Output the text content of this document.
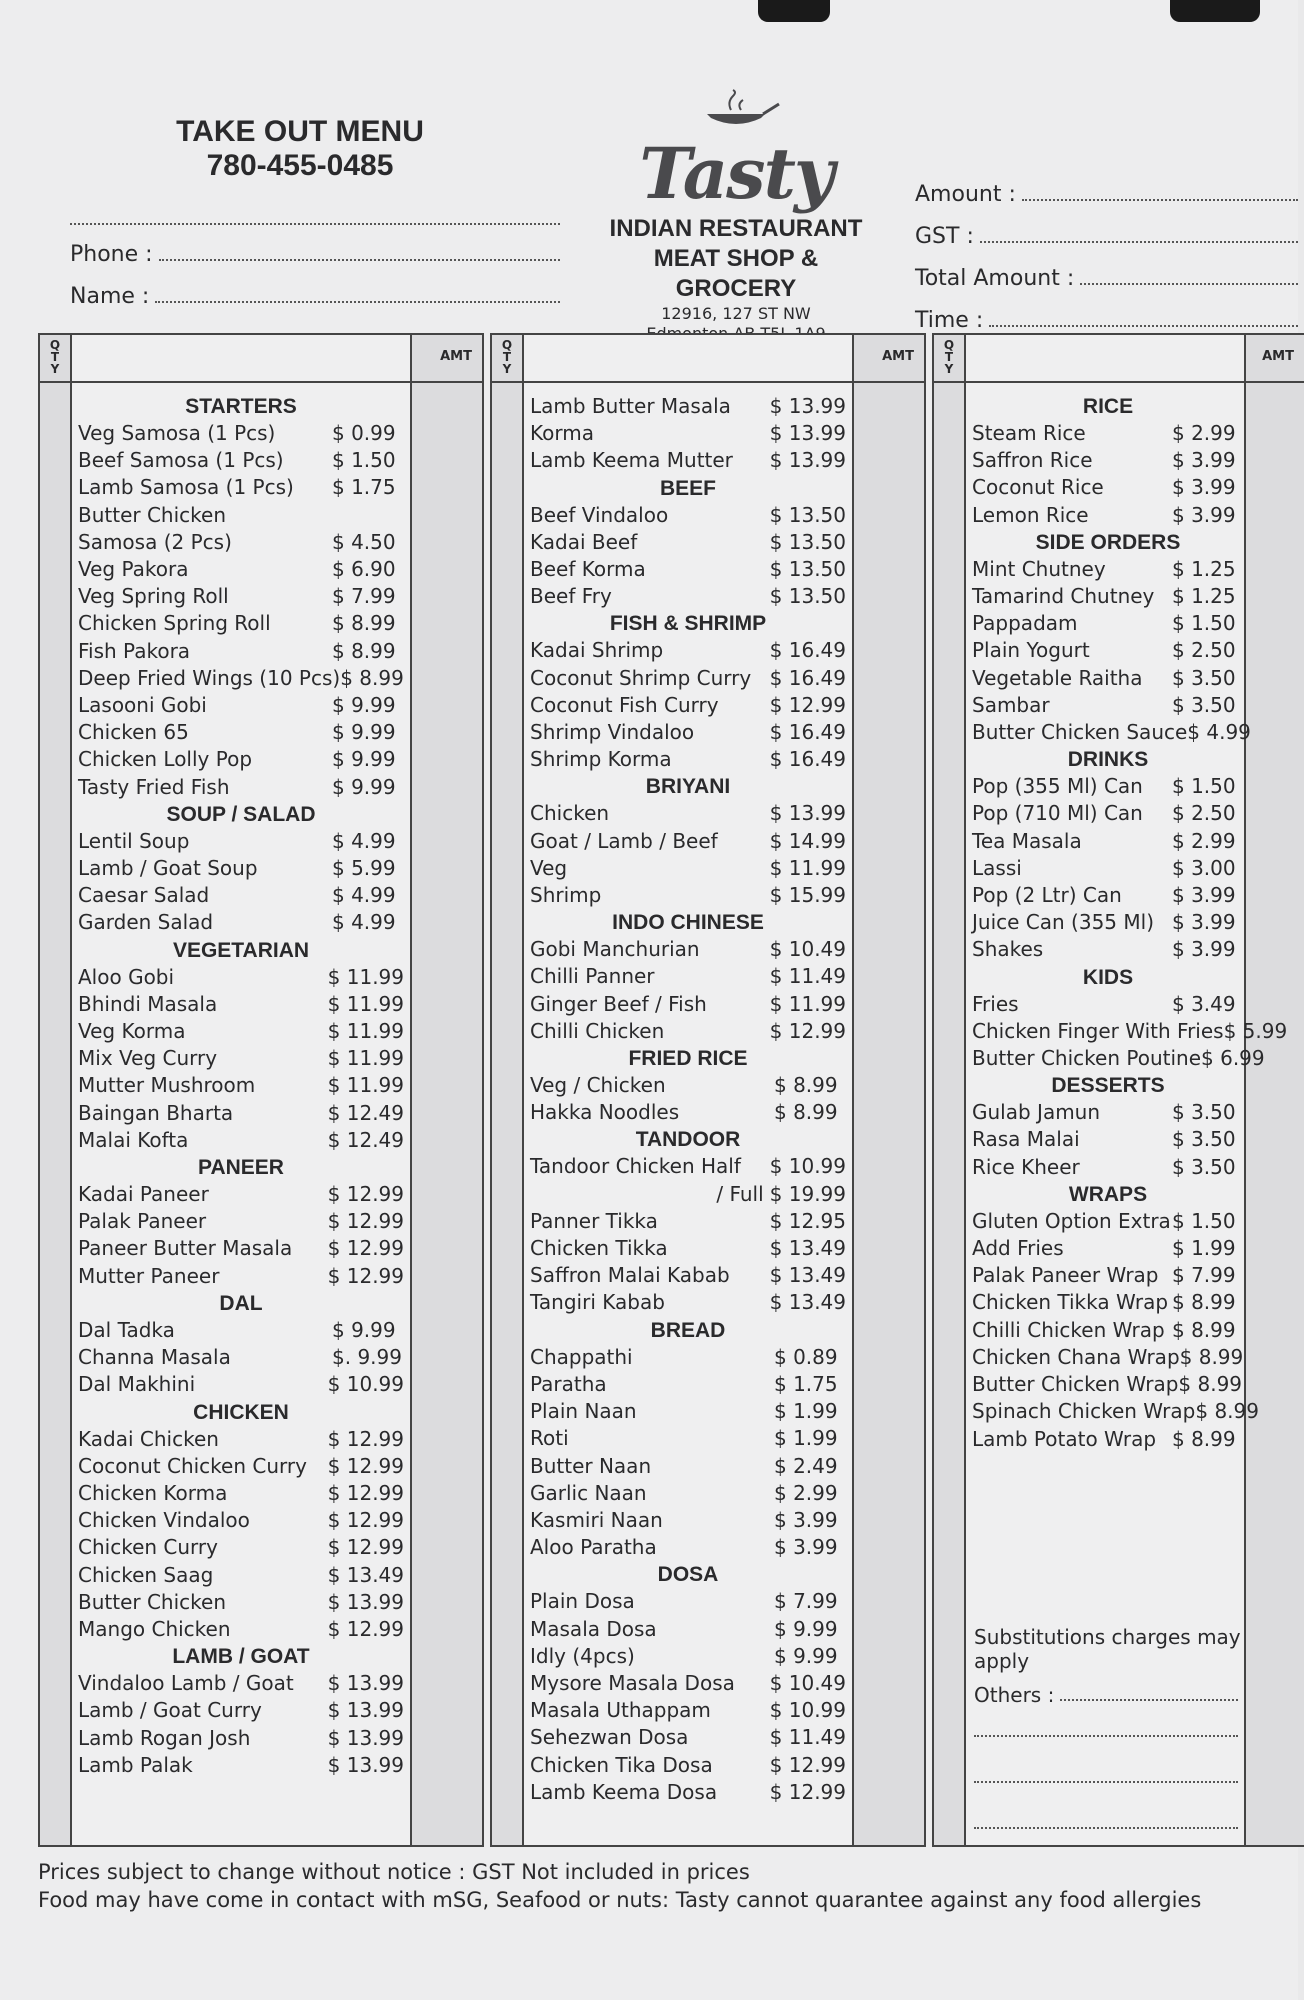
TAKE OUT MENU
780-455-0485
Phone :
Name :
Tasty
INDIAN RESTAURANT
MEAT SHOP & GROCERY
12916, 127 ST NW
Amount :
GST :
Total Amount :
Time :
Q
T
Y
AMT
STARTERS
Veg Samosa (1 Pcs)	$ 0.99
Beef Samosa (1 Pcs) $ 1.50
Lamb Samosa (1 Pcs) $ 1.75
Butter Chicken
Samosa (2 Pcs)	$ 4.50
Veg Pakora	$ 6.90
Veg Spring Roll	$ 7.99
Chicken Spring Roll	$ 8.99
Fish Pakora	$ 8.99
Deep Fried Wings (10 Pcs) $ 8.99
Lasooni Gobi	$ 9.99
Chicken 65	$ 9.99
Chicken Lolly Pop	$ 9.99
Tasty Fried Fish	$ 9.99
SOUP / SALAD
Lentil Soup	$ 4.99
Lamb / Goat Soup	$ 5.99
Caesar Salad	$ 4.99
Garden Salad	$ 4.99
VEGETARIAN
Aloo Gobi	$ 11.99
Bhindi Masala	$ 11.99
Veg Korma	$ 11.99
Mix Veg Curry	$ 11.99
Mutter Mushroom	$ 11.99
Baingan Bharta	$ 12.49
Malai Kofta	$ 12.49
PANEER
Kadai Paneer	$ 12.99
Palak Paneer	$ 12.99
Paneer Butter Masala $ 12.99
Mutter Paneer	$ 12.99
DAL
Dal Tadka	$ 9.99
Channa Masala	$. 9.99
Dal Makhini	$ 10.99
CHICKEN
Kadai Chicken	$ 12.99
Coconut Chicken Curry $ 12.99
Chicken Korma	$ 12.99
Chicken Vindaloo	$ 12.99
Chicken Curry	$ 12.99
Chicken Saag	$ 13.49
Butter Chicken	$ 13.99
Mango Chicken	$ 12.99
LAMB / GOAT
Vindaloo Lamb / Goat $ 13.99
Lamb / Goat Curry	$ 13.99
Lamb Rogan Josh	$ 13.99
Lamb Palak	$ 13.99
Q
T
Y
AMT
Lamb Butter Masala $ 13.99
Korma	$ 13.99
Lamb Keema Mutter $ 13.99
BEEF
Beef Vindaloo	$ 13.50
Kadai Beef	$ 13.50
Beef Korma	$ 13.50
Beef Fry	$ 13.50
FISH & SHRIMP
Kadai Shrimp	$ 16.49
Coconut Shrimp Curry $ 16.49
Coconut Fish Curry	$ 12.99
Shrimp Vindaloo	$ 16.49
Shrimp Korma	$ 16.49
BRIYANI
Chicken	$ 13.99
Goat / Lamb / Beef	$ 14.99
Veg	$ 11.99
Shrimp	$ 15.99
INDO CHINESE
Gobi Manchurian	$ 10.49
Chilli Panner	$ 11.49
Ginger Beef / Fish	$ 11.99
Chilli Chicken	$ 12.99
FRIED RICE
Veg / Chicken	$ 8.99
Hakka Noodles	$ 8.99
TANDOOR
Tandoor Chicken Half $ 10.99
/ Full $ 19.99
Panner Tikka	$ 12.95
Chicken Tikka	$ 13.49
Saffron Malai Kabab $ 13.49
Tangiri Kabab	$ 13.49
BREAD
Chappathi	$ 0.89
Paratha	$ 1.75
Plain Naan	$ 1.99
Roti	$ 1.99
Butter Naan	$ 2.49
Garlic Naan	$ 2.99
Kasmiri Naan	$ 3.99
Aloo Paratha	$ 3.99
DOSA
Plain Dosa	$ 7.99
Masala Dosa	$ 9.99
Idly (4pcs)	$ 9.99
Mysore Masala Dosa $ 10.49
Masala Uthappam	$ 10.99
Sehezwan Dosa	$ 11.49
Chicken Tika Dosa	$ 12.99
Lamb Keema Dosa	$ 12.99
Q
T
Y
AMT
RICE
Steam Rice	$ 2.99
Saffron Rice	$ 3.99
Coconut Rice	$ 3.99
Lemon Rice	$ 3.99
SIDE ORDERS
Mint Chutney	$ 1.25
Tamarind Chutney $ 1.25
Pappadam	$ 1.50
Plain Yogurt	$ 2.50
Vegetable Raitha $ 3.50
Sambar	$ 3.50
Butter Chicken Sauce $ 4.99
DRINKS
Pop (355 Ml) Can $ 1.50
Pop (710 Ml) Can $ 2.50
Tea Masala	$ 2.99
Lassi	$ 3.00
Pop (2 Ltr) Can	$ 3.99
Juice Can (355 Ml) $ 3.99
Shakes	$ 3.99
KIDS
Fries	$ 3.49
Chicken Finger With Fries $ 5.99
Butter Chicken Poutine $ 6.99
DESSERTS
Gulab Jamun	$ 3.50
Rasa Malai	$ 3.50
Rice Kheer	$ 3.50
WRAPS
Gluten Option Extra $ 1.50
Add Fries	$ 1.99
Palak Paneer Wrap $ 7.99
Chicken Tikka Wrap $ 8.99
Chilli Chicken Wrap $ 8.99
Chicken Chana Wrap $ 8.99
Butter Chicken Wrap $ 8.99
Spinach Chicken Wrap $ 8.99
Lamb Potato Wrap $ 8.99
Substitutions charges may apply
Others :
Prices subject to change without notice : GST Not included in prices
Food may have come in contact with mSG, Seafood or nuts: Tasty cannot quarantee against any food allergies
